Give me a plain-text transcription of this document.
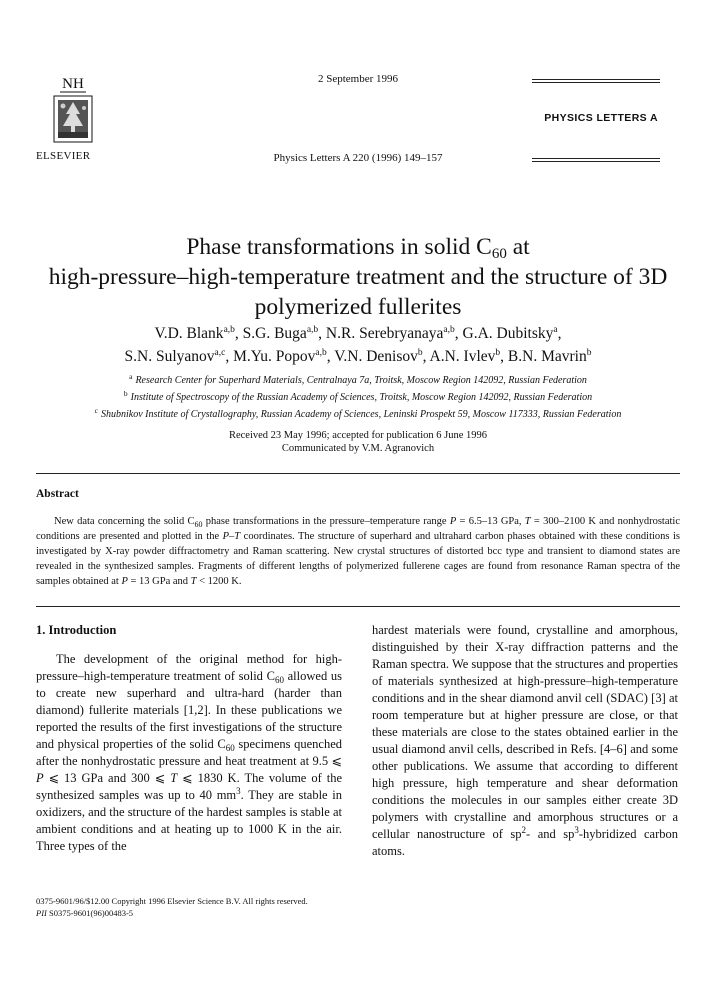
NH
ELSEVIER
2 September 1996
Physics Letters A 220 (1996) 149–157
PHYSICS LETTERS A
Phase transformations in solid $C_{60}$ at
high-pressure–high-temperature treatment and the structure of 3D
polymerized fullerites
V.D. Blank$^{a,b}$, S.G. Buga$^{a,b}$, N.R. Serebryanaya$^{a,b}$, G.A. Dubitsky$^a$,
S.N. Sulyanov$^{a,c}$, M.Yu. Popov$^{a,b}$, V.N. Denisov$^b$, A.N. Ivlev$^b$, B.N. Mavrin$^b$
$^a$ Research Center for Superhard Materials, Centralnaya 7a, Troitsk, Moscow Region 142092, Russian Federation
$^b$ Institute of Spectroscopy of the Russian Academy of Sciences, Troitsk, Moscow Region 142092, Russian Federation
$^c$ Shubnikov Institute of Crystallography, Russian Academy of Sciences, Leninski Prospekt 59, Moscow 117333, Russian Federation
Received 23 May 1996; accepted for publication 6 June 1996
Communicated by V.M. Agranovich
Abstract
New data concerning the solid $C_{60}$ phase transformations in the pressure–temperature range P = 6.5–13 GPa, T = 300–2100 K and nonhydrostatic conditions are presented and plotted in the P–T coordinates. The structure of superhard and ultrahard carbon phases obtained with these conditions is investigated by X-ray powder diffractometry and Raman scattering. New crystal structures of distorted bcc type and transient to diamond states are revealed in the synthesized samples. Fragments of different lengths of polymerized fullerene cages are found from resonance Raman spectra of the samples obtained at P = 13 GPa and T < 1200 K.
1. Introduction

The development of the original method for high-pressure–high-temperature treatment of solid $C_{60}$ allowed us to create new superhard and ultra-hard (harder than diamond) fullerite materials [1,2]. In these publications we reported the results of the first investigations of the structure and physical properties of the solid $C_{60}$ specimens quenched after the nonhydrostatic pressure and heat treatment at 9.5 ⩽ P ⩽ 13 GPa and 300 ⩽ T ⩽ 1830 K. The volume of the synthesized samples was up to 40 $mm^3$. They are stable in oxidizers, and the structure of the hardest samples is stable at ambient conditions and at heating up to 1000 K in the air. Three types of the

hardest materials were found, crystalline and amorphous, distinguished by their X-ray diffraction patterns and the Raman spectra. We suppose that the structures and properties of materials synthesized at high-pressure–high-temperature conditions and in the shear diamond anvil cell (SDAC) [3] at room temperature but at higher pressure are close, or that these materials are close to the states obtained earlier in the usual diamond anvil cells, described in Refs. [4–6] and some other publications. We assume that according to different high pressure, high temperature and shear deformation conditions the molecules in our samples either create 3D polymers with crystalline and amorphous structures or a cellular nanostructure of $sp^2-$ and $sp^3$-hybridized carbon atoms.

0375-9601/96/$12.00 Copyright 1996 Elsevier Science B.V. All rights reserved.
PII S0375-9601(96)00483-5
